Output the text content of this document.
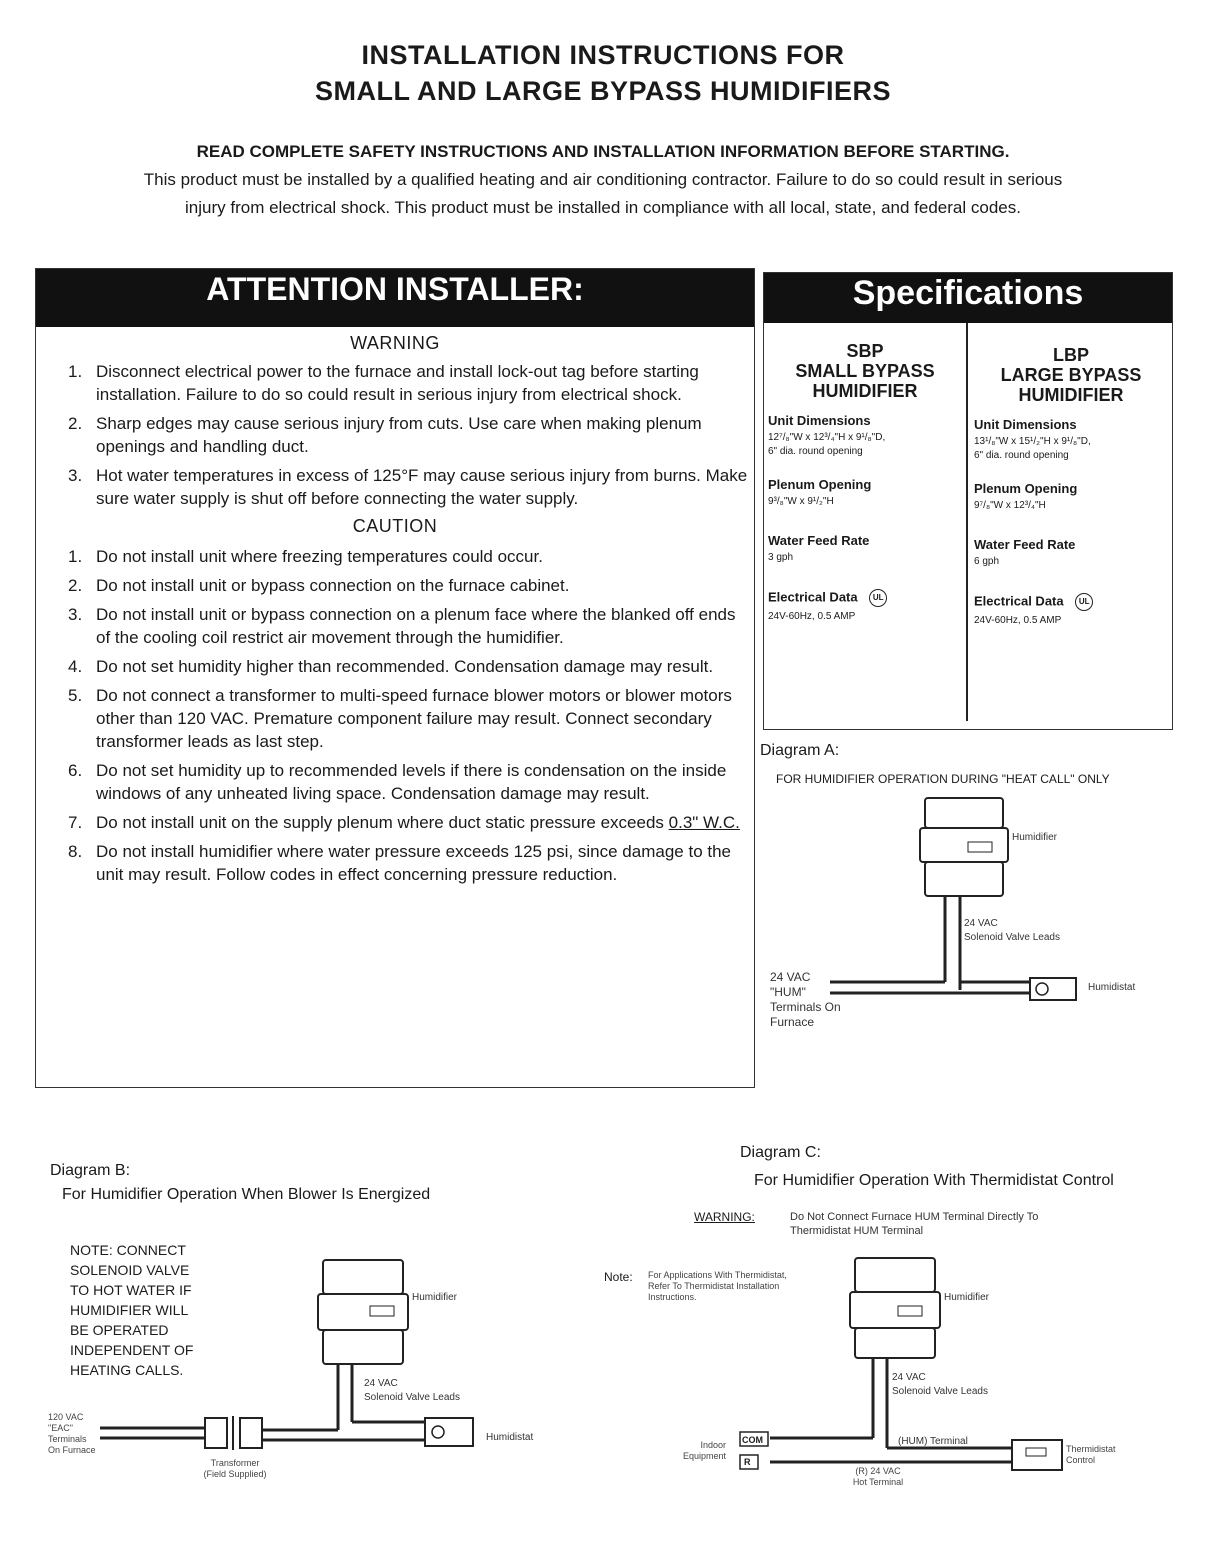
INSTALLATION INSTRUCTIONS FOR
SMALL AND LARGE BYPASS HUMIDIFIERS
READ COMPLETE SAFETY INSTRUCTIONS AND INSTALLATION INFORMATION BEFORE STARTING.
This product must be installed by a qualified heating and air conditioning contractor. Failure to do so could result in serious
injury from electrical shock. This product must be installed in compliance with all local, state, and federal codes.
ATTENTION INSTALLER:
WARNING
1. Disconnect electrical power to the furnace and install lock-out tag before starting installation. Failure to do so could result in serious injury from electrical shock.
2. Sharp edges may cause serious injury from cuts. Use care when making plenum openings and handling duct.
3. Hot water temperatures in excess of 125°F may cause serious injury from burns. Make sure water supply is shut off before connecting the water supply.
CAUTION
1. Do not install unit where freezing temperatures could occur.
2. Do not install unit or bypass connection on the furnace cabinet.
3. Do not install unit or bypass connection on a plenum face where the blanked off ends of the cooling coil restrict air movement through the humidifier.
4. Do not set humidity higher than recommended. Condensation damage may result.
5. Do not connect a transformer to multi-speed furnace blower motors or blower motors other than 120 VAC. Premature component failure may result. Connect secondary transformer leads as last step.
6. Do not set humidity up to recommended levels if there is condensation on the inside windows of any unheated living space. Condensation damage may result.
7. Do not install unit on the supply plenum where duct static pressure exceeds 0.3" W.C.
8. Do not install humidifier where water pressure exceeds 125 psi, since damage to the unit may result. Follow codes in effect concerning pressure reduction.
Specifications
SBP
SMALL BYPASS
HUMIDIFIER
Unit Dimensions
12⁷/₈"W x 12³/₄"H x 9¹/₈"D,
6" dia. round opening
Plenum Opening
9³/₈"W x 9¹/₂"H
Water Feed Rate
3 gph
Electrical Data UL
24V-60Hz, 0.5 AMP
LBP
LARGE BYPASS
HUMIDIFIER
Unit Dimensions
13¹/₈"W x 15¹/₂"H x 9¹/₈"D,
6" dia. round opening
Plenum Opening
9⁷/₈"W x 12³/₄"H
Water Feed Rate
6 gph
Electrical Data UL
24V-60Hz, 0.5 AMP
Diagram A:
FOR HUMIDIFIER OPERATION DURING "HEAT CALL" ONLY
Humidifier
24 VAC
Solenoid Valve Leads
Humidistat
24 VAC
"HUM"
Terminals On
Furnace
Diagram B:
For Humidifier Operation When Blower Is Energized
NOTE: CONNECT
SOLENOID VALVE
TO HOT WATER IF
HUMIDIFIER WILL
BE OPERATED
INDEPENDENT OF
HEATING CALLS.
Humidifier
24 VAC
Solenoid Valve Leads
Humidistat
120 VAC
"EAC"
Terminals
On Furnace
Transformer
(Field Supplied)
Diagram C:
For Humidifier Operation With Thermidistat Control
WARNING:	Do Not Connect Furnace HUM Terminal Directly To
Thermidistat HUM Terminal
Note: For Applications With Thermidistat,
Refer To Thermidistat Installation
Instructions.
COM
R
Humidifier
24 VAC
Solenoid Valve Leads
(HUM) Terminal
Thermidistat
Control
Indoor
Equipment
(R) 24 VAC
Hot Terminal
